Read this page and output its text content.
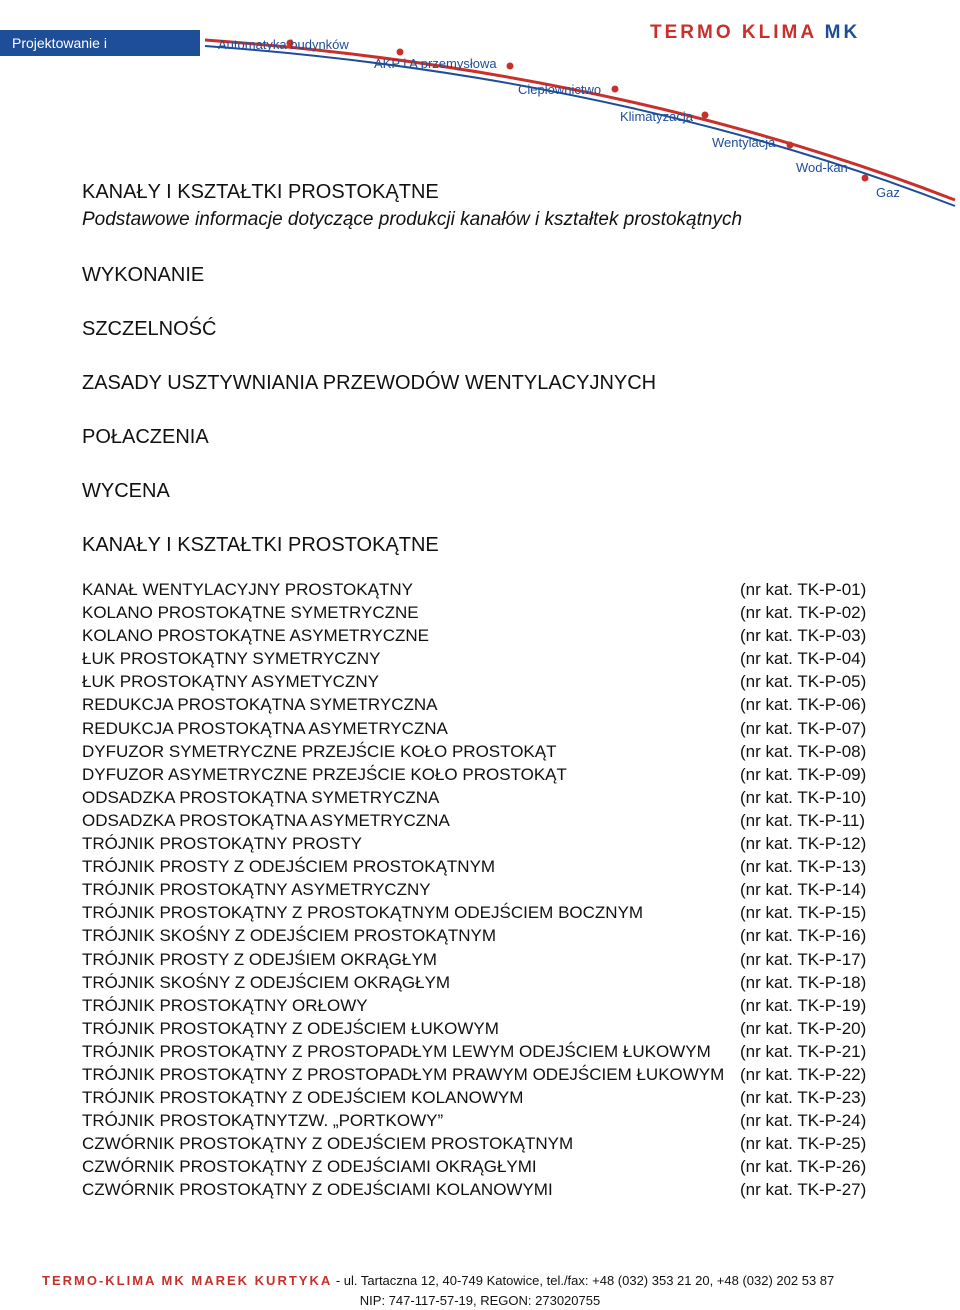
Projektowanie i wykonawstwo:
Automatyka budynków
AKP i A przemysłowa
Ciepłownictwo
Klimatyzacja
Wentylacja
Wod-kan
Gaz
TERMO KLIMA MK

KANAŁY I KSZTAŁTKI PROSTOKĄTNE

Podstawowe informacje dotyczące produkcji kanałów i kształtek prostokątnych

WYKONANIE

SZCZELNOŚĆ

ZASADY USZTYWNIANIA PRZEWODÓW WENTYLACYJNYCH

POŁACZENIA

WYCENA

KANAŁY I KSZTAŁTKI PROSTOKĄTNE

KANAŁ WENTYLACYJNY PROSTOKĄTNY	(nr kat. TK-P-01)
KOLANO PROSTOKĄTNE SYMETRYCZNE	(nr kat. TK-P-02)
KOLANO PROSTOKĄTNE ASYMETRYCZNE	(nr kat. TK-P-03)
ŁUK PROSTOKĄTNY SYMETRYCZNY	(nr kat. TK-P-04)
ŁUK PROSTOKĄTNY ASYMETYCZNY	(nr kat. TK-P-05)
REDUKCJA PROSTOKĄTNA SYMETRYCZNA	(nr kat. TK-P-06)
REDUKCJA PROSTOKĄTNA ASYMETRYCZNA	(nr kat. TK-P-07)
DYFUZOR SYMETRYCZNE PRZEJŚCIE KOŁO PROSTOKĄT	(nr kat. TK-P-08)
DYFUZOR ASYMETRYCZNE PRZEJŚCIE KOŁO PROSTOKĄT	(nr kat. TK-P-09)
ODSADZKA PROSTOKĄTNA SYMETRYCZNA	(nr kat. TK-P-10)
ODSADZKA PROSTOKĄTNA ASYMETRYCZNA	(nr kat. TK-P-11)
TRÓJNIK PROSTOKĄTNY PROSTY	(nr kat. TK-P-12)
TRÓJNIK PROSTY Z ODEJŚCIEM PROSTOKĄTNYM	(nr kat. TK-P-13)
TRÓJNIK PROSTOKĄTNY ASYMETRYCZNY	(nr kat. TK-P-14)
TRÓJNIK PROSTOKĄTNY Z PROSTOKĄTNYM ODEJŚCIEM BOCZNYM	(nr kat. TK-P-15)
TRÓJNIK SKOŚNY Z ODEJŚCIEM PROSTOKĄTNYM	(nr kat. TK-P-16)
TRÓJNIK PROSTY Z ODEJŚIEM OKRĄGŁYM	(nr kat. TK-P-17)
TRÓJNIK SKOŚNY Z ODEJŚCIEM OKRĄGŁYM	(nr kat. TK-P-18)
TRÓJNIK PROSTOKĄTNY ORŁOWY	(nr kat. TK-P-19)
TRÓJNIK PROSTOKĄTNY Z ODEJŚCIEM ŁUKOWYM	(nr kat. TK-P-20)
TRÓJNIK PROSTOKĄTNY Z PROSTOPADŁYM LEWYM ODEJŚCIEM ŁUKOWYM (nr kat. TK-P-21)
TRÓJNIK PROSTOKĄTNY Z PROSTOPADŁYM PRAWYM ODEJŚCIEM ŁUKOWYM (nr kat. TK-P-22)
TRÓJNIK PROSTOKĄTNY Z ODEJŚCIEM KOLANOWYM	(nr kat. TK-P-23)
TRÓJNIK PROSTOKĄTNYTZW. „PORTKOWY”	(nr kat. TK-P-24)
CZWÓRNIK PROSTOKĄTNY Z ODEJŚCIEM PROSTOKĄTNYM	(nr kat. TK-P-25)
CZWÓRNIK PROSTOKĄTNY Z ODEJŚCIAMI OKRĄGŁYMI	(nr kat. TK-P-26)
CZWÓRNIK PROSTOKĄTNY Z ODEJŚCIAMI KOLANOWYMI	(nr kat. TK-P-27)
TERMO-KLIMA MK MAREK KURTYKA - ul. Tartaczna 12, 40-749 Katowice, tel./fax: +48 (032) 353 21 20, +48 (032) 202 53 87
NIP: 747-117-57-19, REGON: 273020755
